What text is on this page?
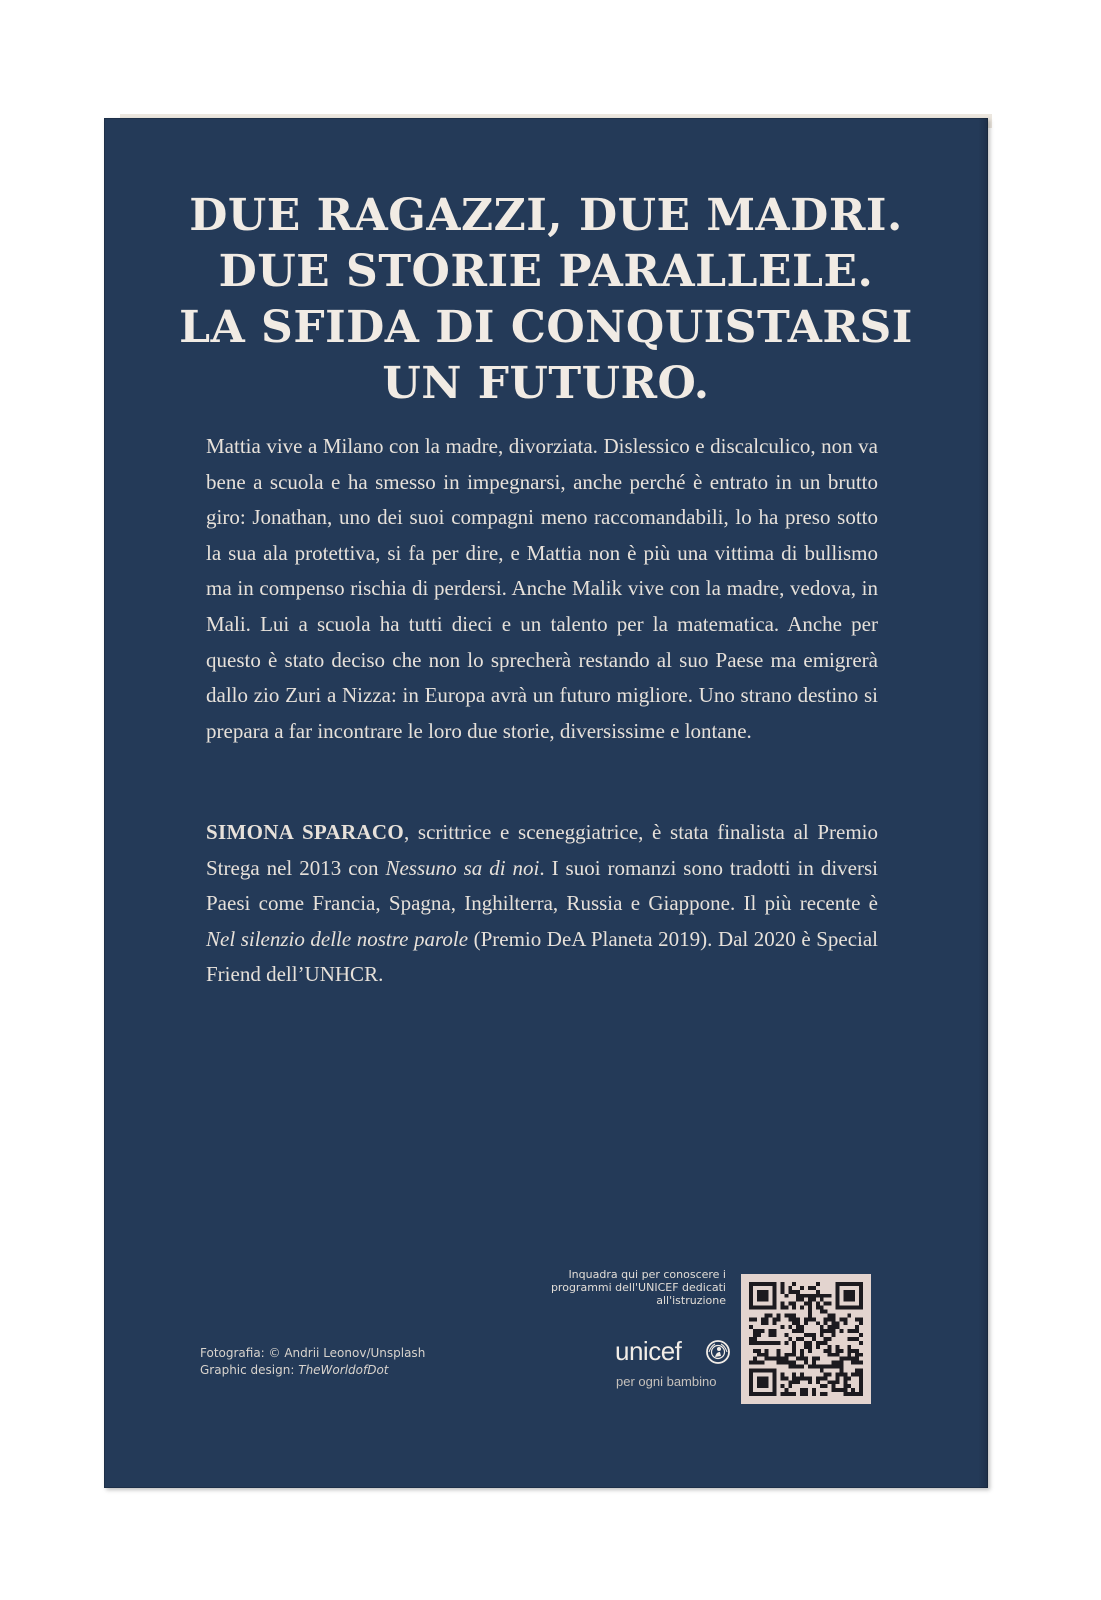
DUE RAGAZZI, DUE MADRI.
DUE STORIE PARALLELE.
LA SFIDA DI CONQUISTARSI
UN FUTURO.
Mattia vive a Milano con la madre, divorziata. Dislessico e discalculico, non va bene a scuola e ha smesso in impegnarsi, anche perché è entrato in un brutto giro: Jonathan, uno dei suoi compagni meno raccomandabili, lo ha preso sotto la sua ala protettiva, si fa per dire, e Mattia non è più una vittima di bullismo ma in compenso rischia di perdersi. Anche Malik vive con la madre, vedova, in Mali. Lui a scuola ha tutti dieci e un talento per la matematica. Anche per questo è stato deciso che non lo sprecherà restando al suo Paese ma emigrerà dallo zio Zuri a Nizza: in Europa avrà un futuro migliore. Uno strano destino si prepara a far incontrare le loro due storie, diversissime e lontane.
SIMONA SPARACO, scrittrice e sceneggiatrice, è stata finalista al Premio Strega nel 2013 con Nessuno sa di noi. I suoi romanzi sono tradotti in diversi Paesi come Francia, Spagna, Inghilterra, Russia e Giappone. Il più recente è Nel silenzio delle nostre parole (Premio DeA Planeta 2019). Dal 2020 è Special Friend dell’UNHCR.
Fotografia: © Andrii Leonov/Unsplash
Graphic design: TheWorldofDot
Inquadra qui per conoscere i programmi dell'UNICEF dedicati all'istruzione
unicef
per ogni bambino
